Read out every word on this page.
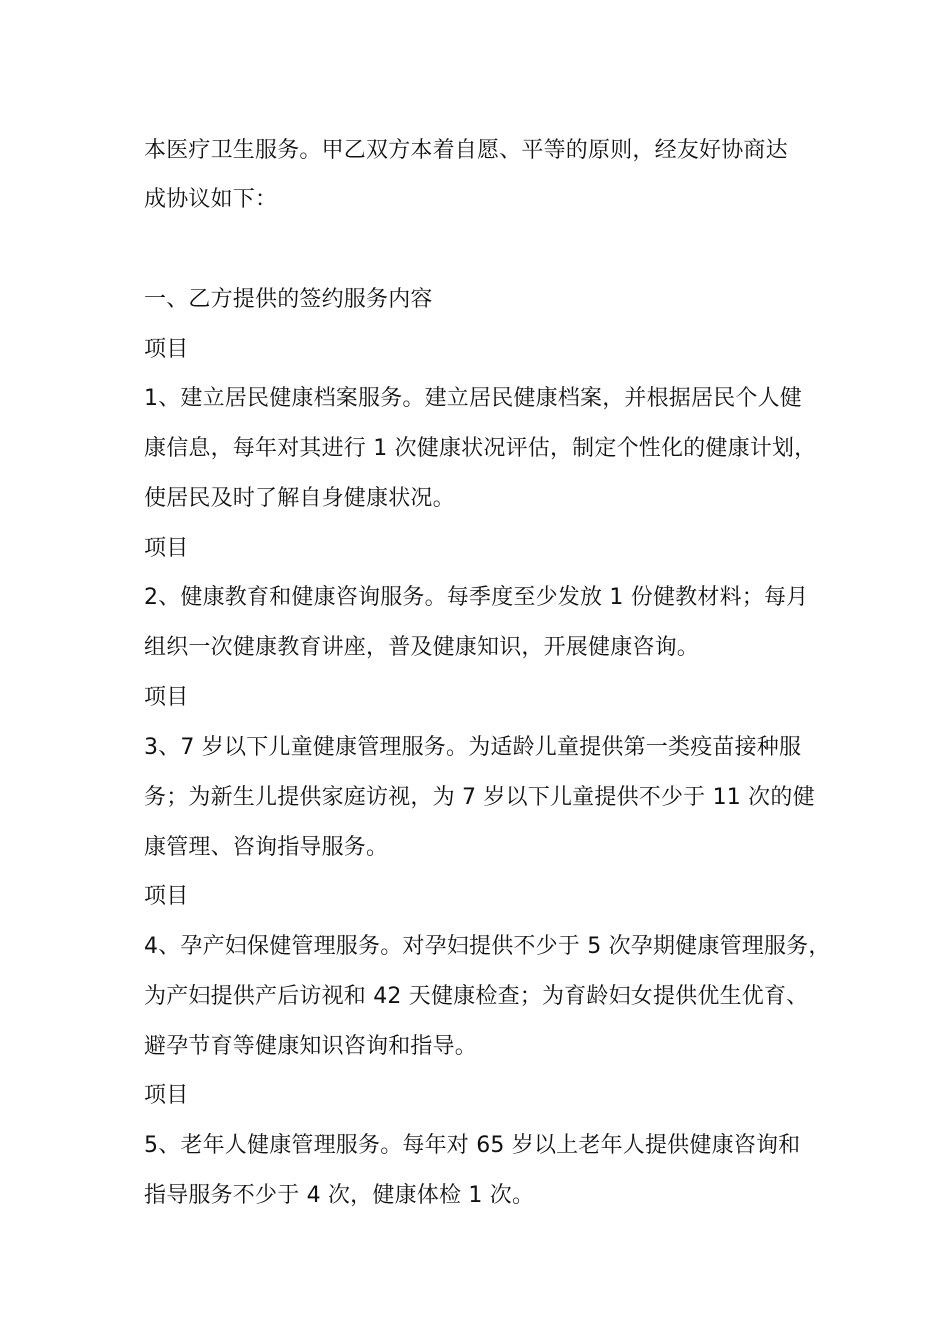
本医疗卫生服务。甲乙双方本着自愿、平等的原则，经友好协商达
成协议如下：
一、乙方提供的签约服务内容
项目
1、建立居民健康档案服务。建立居民健康档案，并根据居民个人健
康信息，每年对其进行 1 次健康状况评估，制定个性化的健康计划，
使居民及时了解自身健康状况。
项目
2、健康教育和健康咨询服务。每季度至少发放 1 份健教材料；每月
组织一次健康教育讲座，普及健康知识，开展健康咨询。
项目
3、7 岁以下儿童健康管理服务。为适龄儿童提供第一类疫苗接种服
务；为新生儿提供家庭访视，为 7 岁以下儿童提供不少于 11 次的健
康管理、咨询指导服务。
项目
4、孕产妇保健管理服务。对孕妇提供不少于 5 次孕期健康管理服务，
为产妇提供产后访视和 42 天健康检查；为育龄妇女提供优生优育、
避孕节育等健康知识咨询和指导。
项目
5、老年人健康管理服务。每年对 65 岁以上老年人提供健康咨询和
指导服务不少于 4 次，健康体检 1 次。
